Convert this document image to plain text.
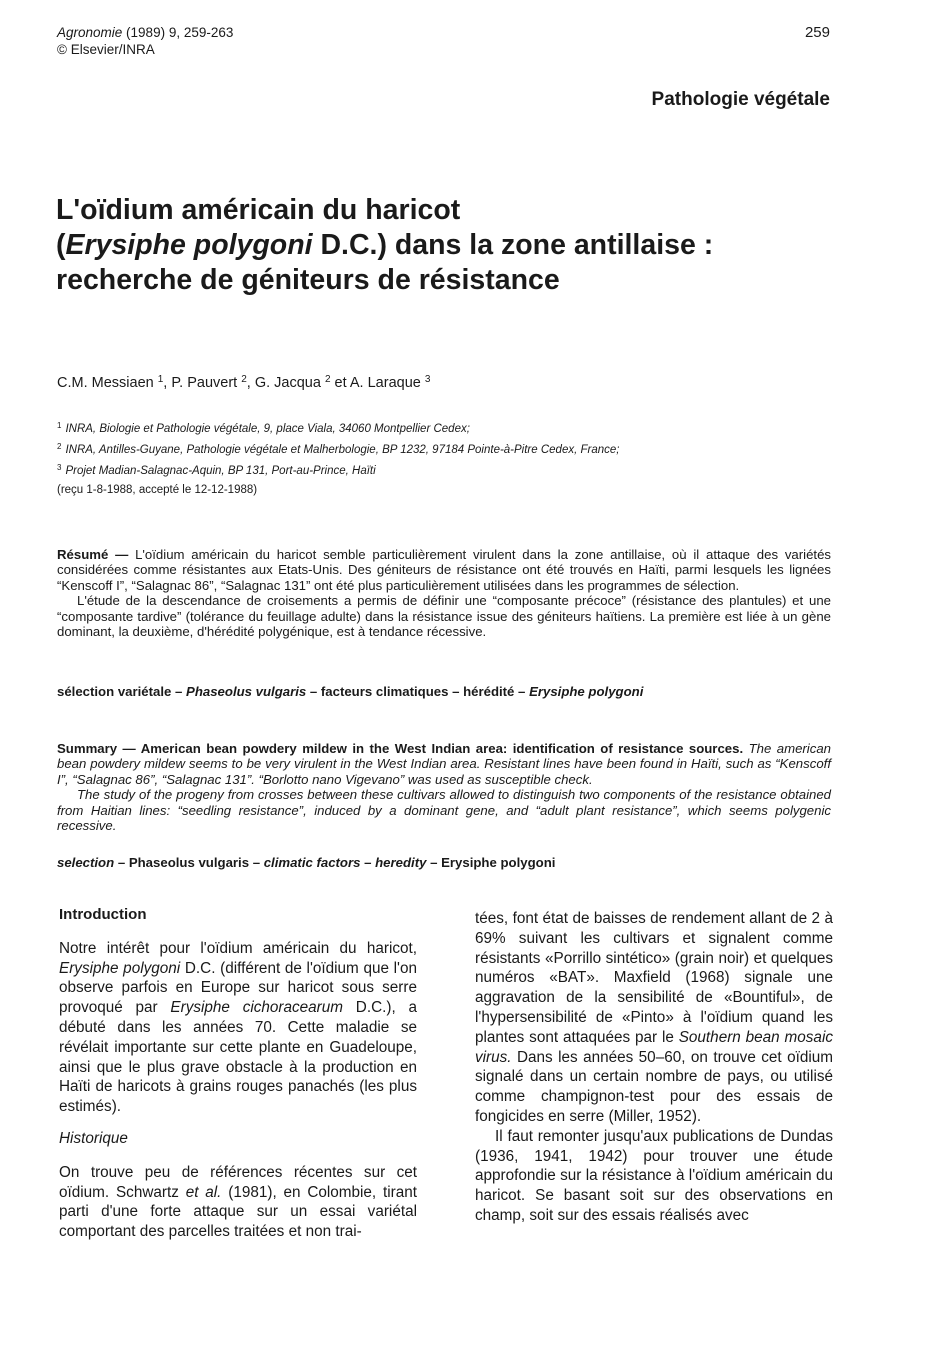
Agronomie (1989) 9, 259-263
© Elsevier/INRA
259
Pathologie végétale
L'oïdium américain du haricot
(Erysiphe polygoni D.C.) dans la zone antillaise :
recherche de géniteurs de résistance
C.M. Messiaen $^1$, P. Pauvert $^2$, G. Jacqua $^2$ et A. Laraque $^3$
$^1$ INRA, Biologie et Pathologie végétale, 9, place Viala, 34060 Montpellier Cedex;
$^2$ INRA, Antilles-Guyane, Pathologie végétale et Malherbologie, BP 1232, 97184 Pointe-à-Pitre Cedex, France;
$^3$ Projet Madian-Salagnac-Aquin, BP 131, Port-au-Prince, Haïti
(reçu 1-8-1988, accepté le 12-12-1988)

Résumé — L'oïdium américain du haricot semble particulièrement virulent dans la zone antillaise, où il attaque des variétés considérées comme résistantes aux Etats-Unis. Des géniteurs de résistance ont été trouvés en Haïti, parmi lesquels les lignées “Kenscoff I”, “Salagnac 86”, “Salagnac 131” ont été plus particulièrement utilisées dans les programmes de sélection.

L'étude de la descendance de croisements a permis de définir une “composante précoce” (résistance des plantules) et une “composante tardive” (tolérance du feuillage adulte) dans la résistance issue des géniteurs haïtiens. La première est liée à un gène dominant, la deuxième, d'hérédité polygénique, est à tendance récessive.

sélection variétale – Phaseolus vulgaris – facteurs climatiques – hérédité – Erysiphe polygoni

Summary — American bean powdery mildew in the West Indian area: identification of resistance sources. The american bean powdery mildew seems to be very virulent in the West Indian area. Resistant lines have been found in Haïti, such as “Kenscoff I”, “Salagnac 86”, “Salagnac 131”. “Borlotto nano Vigevano” was used as susceptible check.

The study of the progeny from crosses between these cultivars allowed to distinguish two components of the resistance obtained from Haitian lines: “seedling resistance”, induced by a dominant gene, and “adult plant resistance”, which seems polygenic recessive.

selection – Phaseolus vulgaris – climatic factors – heredity – Erysiphe polygoni
Introduction

Notre intérêt pour l'oïdium américain du haricot, Erysiphe polygoni D.C. (différent de l'oïdium que l'on observe parfois en Europe sur haricot sous serre provoqué par Erysiphe cichoracearum D.C.), a débuté dans les années 70. Cette maladie se révélait importante sur cette plante en Guadeloupe, ainsi que le plus grave obstacle à la production en Haïti de haricots à grains rouges panachés (les plus estimés).

Historique

On trouve peu de références récentes sur cet oïdium. Schwartz et al. (1981), en Colombie, tirant parti d'une forte attaque sur un essai variétal comportant des parcelles traitées et non trai-

tées, font état de baisses de rendement allant de 2 à 69% suivant les cultivars et signalent comme résistants «Porrillo sintético» (grain noir) et quelques numéros «BAT». Maxfield (1968) signale une aggravation de la sensibilité de «Bountiful», de l'hypersensibilité de «Pinto» à l'oïdium quand les plantes sont attaquées par le Southern bean mosaic virus. Dans les années 50–60, on trouve cet oïdium signalé dans un certain nombre de pays, ou utilisé comme champignon-test pour des essais de fongicides en serre (Miller, 1952).

Il faut remonter jusqu'aux publications de Dundas (1936, 1941, 1942) pour trouver une étude approfondie sur la résistance à l'oïdium américain du haricot. Se basant soit sur des observations en champ, soit sur des essais réalisés avec
